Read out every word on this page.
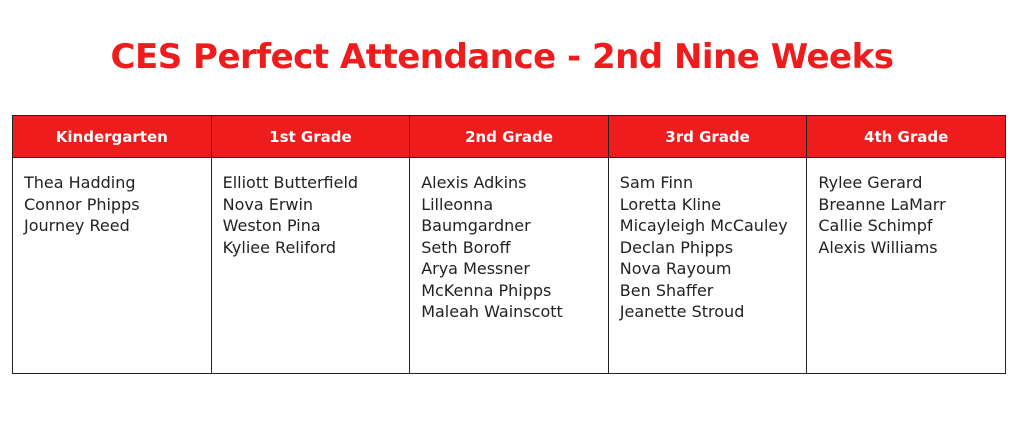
CES Perfect Attendance - 2nd Nine Weeks
Kindergarten
Thea Hadding
Connor Phipps
Journey Reed
1st Grade
Elliott Butterfield
Nova Erwin
Weston Pina
Kyliee Reliford
2nd Grade
Alexis Adkins
Lilleonna
Baumgardner
Seth Boroff
Arya Messner
McKenna Phipps
Maleah Wainscott
3rd Grade
Sam Finn
Loretta Kline
Micayleigh McCauley
Declan Phipps
Nova Rayoum
Ben Shaffer
Jeanette Stroud
4th Grade
Rylee Gerard
Breanne LaMarr
Callie Schimpf
Alexis Williams
